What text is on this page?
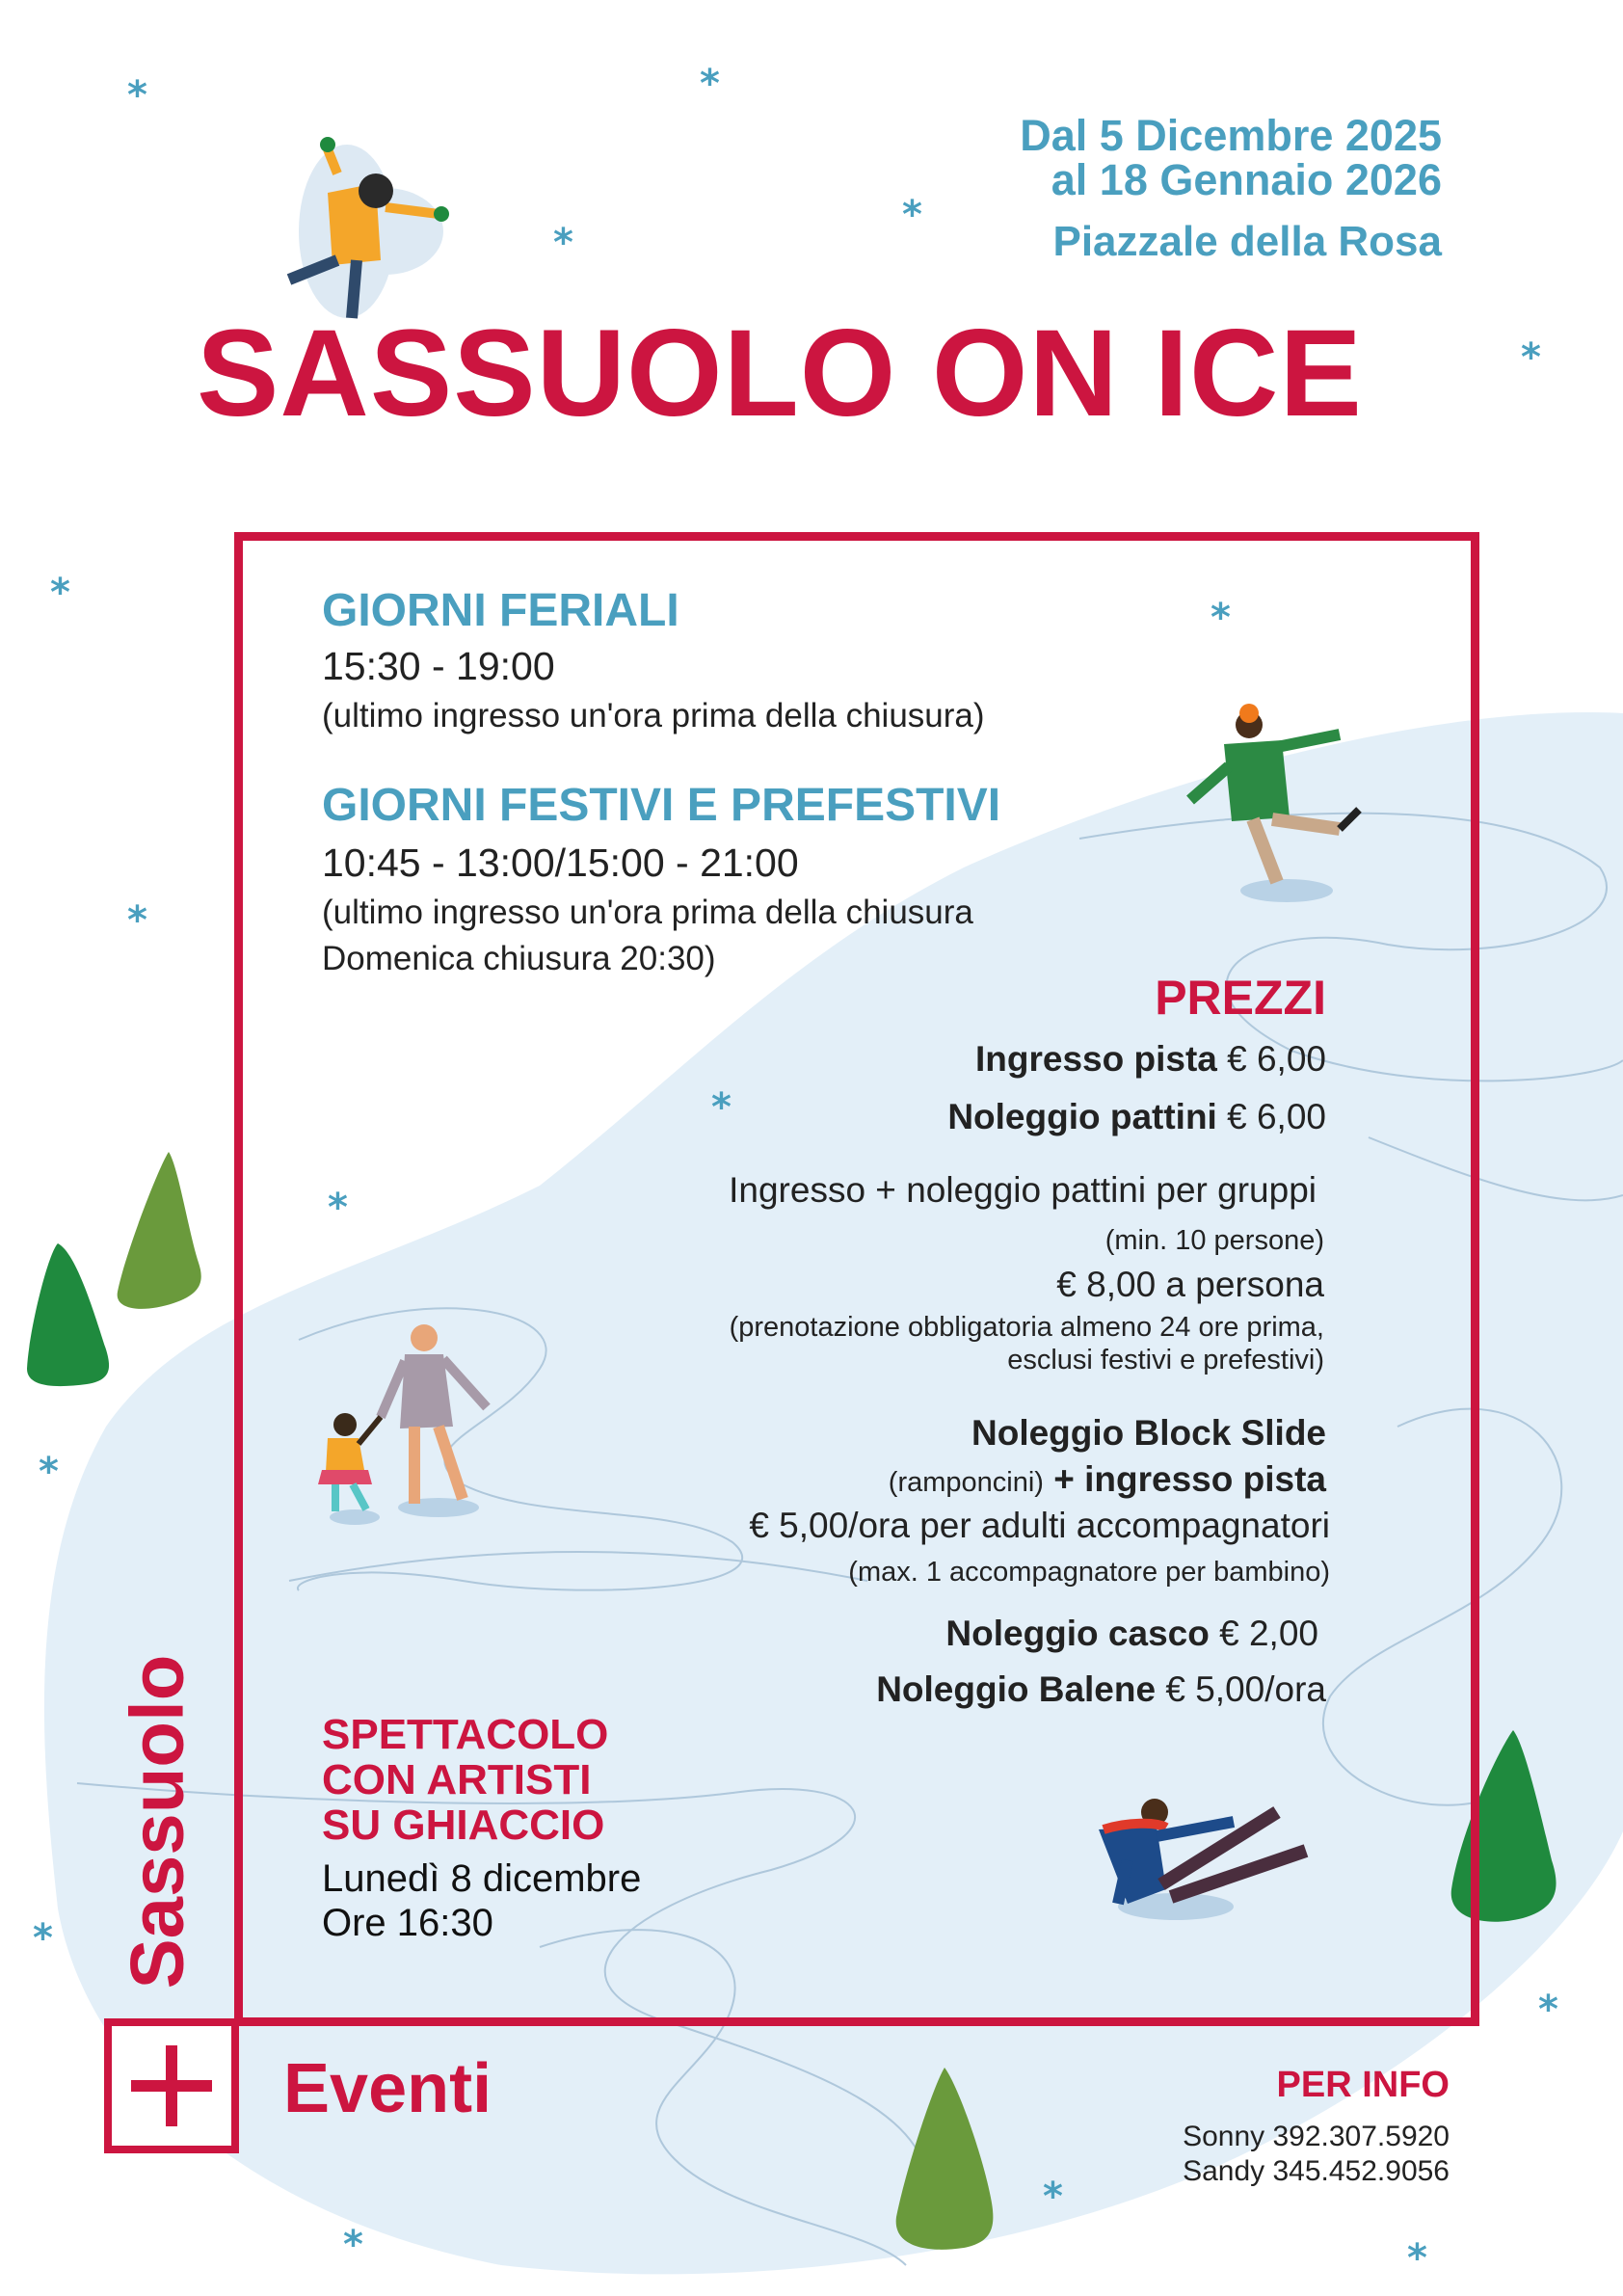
*	*
*
*
*
*
*
*
*
*
*
*
*
*
*	*
Dal 5 Dicembre 2025
al 18 Gennaio 2026
Piazzale della Rosa
SASSUOLO ON ICE
GIORNI FERIALI
15:30 - 19:00
(ultimo ingresso un'ora prima della chiusura)
GIORNI FESTIVI E PREFESTIVI
10:45 - 13:00/15:00 - 21:00
(ultimo ingresso un'ora prima della chiusura
Domenica chiusura 20:30)
PREZZI
Ingresso pista € 6,00
Noleggio pattini € 6,00
Ingresso + noleggio pattini per gruppi
(min. 10 persone)
€ 8,00 a persona
(prenotazione obbligatoria almeno 24 ore prima,
esclusi festivi e prefestivi)
Noleggio Block Slide
(ramponcini) + ingresso pista
€ 5,00/ora per adulti accompagnatori
(max. 1 accompagnatore per bambino)
Noleggio casco € 2,00
Noleggio Balene € 5,00/ora
SPETTACOLO
CON ARTISTI
SU GHIACCIO
Lunedì 8 dicembre
Ore 16:30
Sassuolo
Eventi	PER INFO
Sonny 392.307.5920
Sandy 345.452.9056
